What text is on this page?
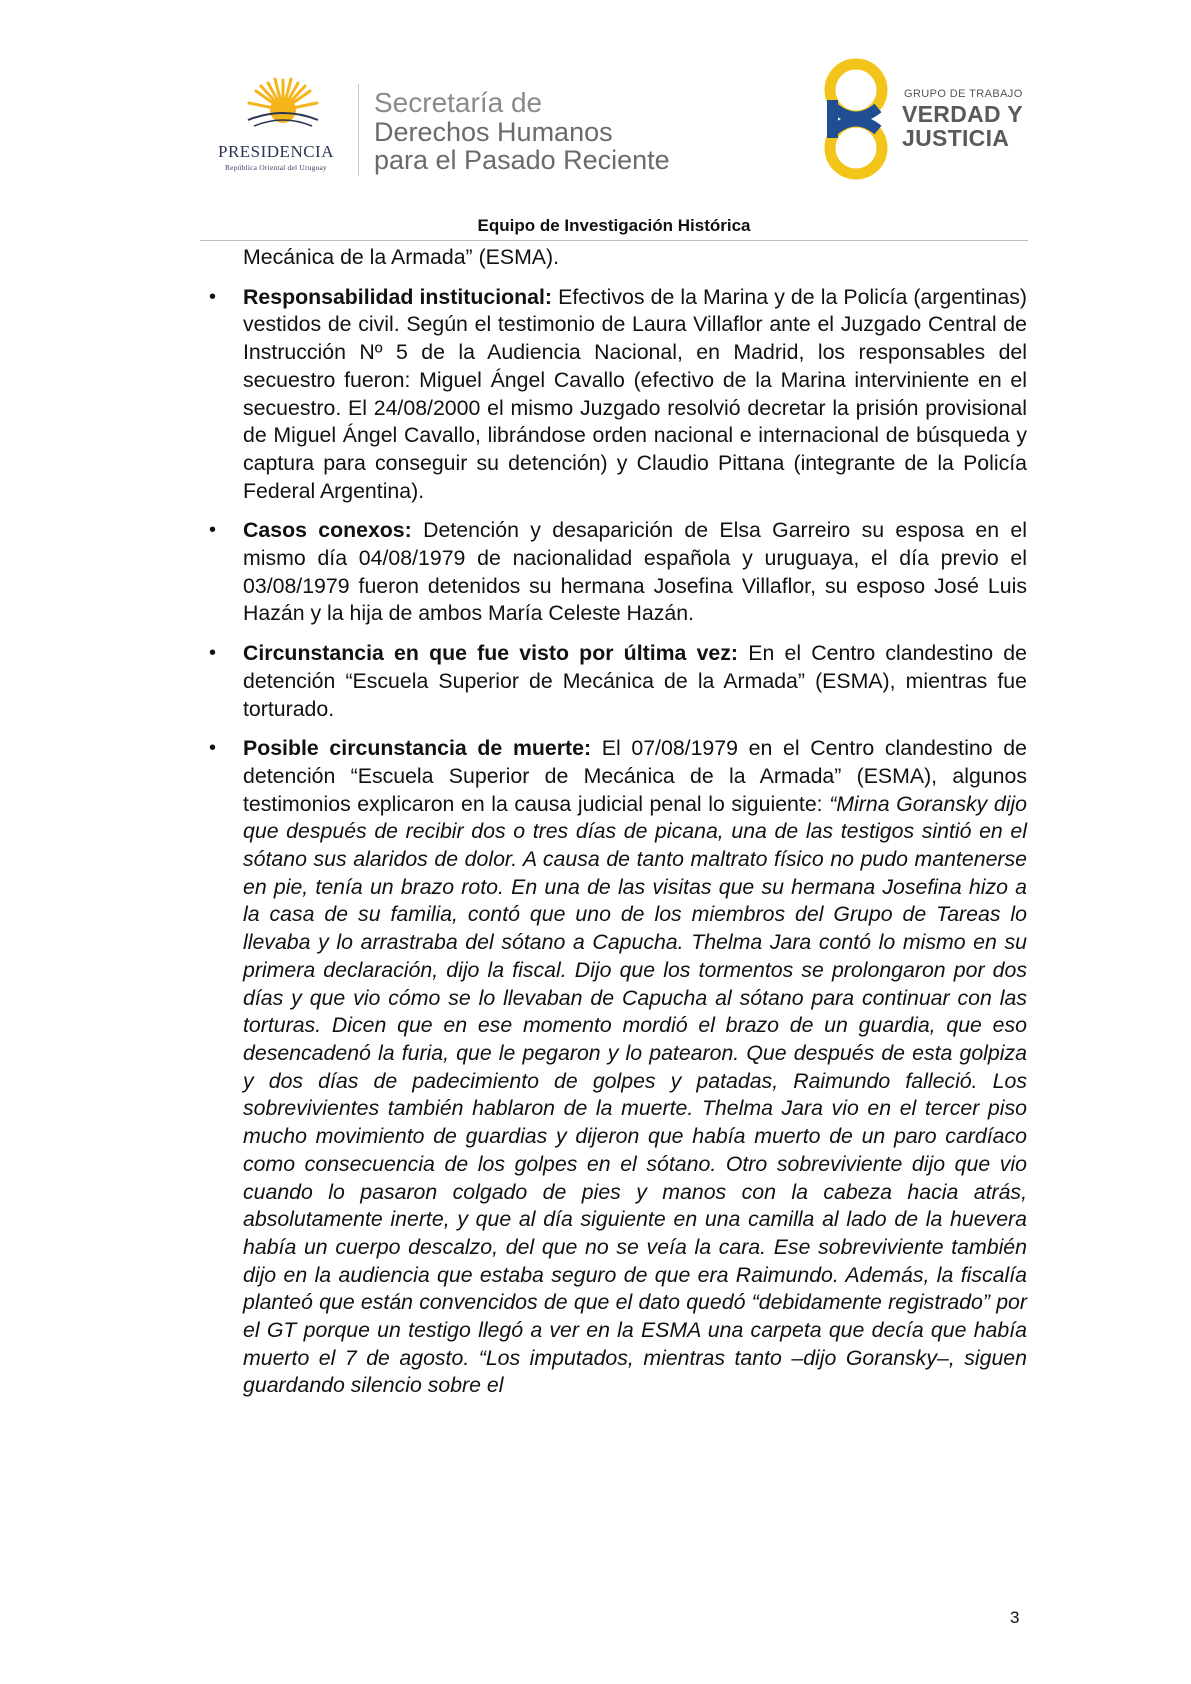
PRESIDENCIA
República Oriental del Uruguay
Secretaría de
Derechos Humanos
para el Pasado Reciente
GRUPO DE TRABAJO
VERDAD Y
JUSTICIA
Equipo de Investigación Histórica

Mecánica de la Armada” (ESMA).

• Responsabilidad institucional: Efectivos de la Marina y de la Policía (argentinas) vestidos de civil. Según el testimonio de Laura Villaflor ante el Juzgado Central de Instrucción Nº 5 de la Audiencia Nacional, en Madrid, los responsables del secuestro fueron: Miguel Ángel Cavallo (efectivo de la Marina interviniente en el secuestro. El 24/08/2000 el mismo Juzgado resolvió decretar la prisión provisional de Miguel Ángel Cavallo, librándose orden nacional e internacional de búsqueda y captura para conseguir su detención) y Claudio Pittana (integrante de la Policía Federal Argentina).

• Casos conexos: Detención y desaparición de Elsa Garreiro su esposa en el mismo día 04/08/1979 de nacionalidad española y uruguaya, el día previo el 03/08/1979 fueron detenidos su hermana Josefina Villaflor, su esposo José Luis Hazán y la hija de ambos María Celeste Hazán.

• Circunstancia en que fue visto por última vez: En el Centro clandestino de detención “Escuela Superior de Mecánica de la Armada” (ESMA), mientras fue torturado.

• Posible circunstancia de muerte: El 07/08/1979 en el Centro clandestino de detención “Escuela Superior de Mecánica de la Armada” (ESMA), algunos testimonios explicaron en la causa judicial penal lo siguiente: “Mirna Goransky dijo que después de recibir dos o tres días de picana, una de las testigos sintió en el sótano sus alaridos de dolor. A causa de tanto maltrato físico no pudo mantenerse en pie, tenía un brazo roto. En una de las visitas que su hermana Josefina hizo a la casa de su familia, contó que uno de los miembros del Grupo de Tareas lo llevaba y lo arrastraba del sótano a Capucha. Thelma Jara contó lo mismo en su primera declaración, dijo la fiscal. Dijo que los tormentos se prolongaron por dos días y que vio cómo se lo llevaban de Capucha al sótano para continuar con las torturas. Dicen que en ese momento mordió el brazo de un guardia, que eso desencadenó la furia, que le pegaron y lo patearon. Que después de esta golpiza y dos días de padecimiento de golpes y patadas, Raimundo falleció. Los sobrevivientes también hablaron de la muerte. Thelma Jara vio en el tercer piso mucho movimiento de guardias y dijeron que había muerto de un paro cardíaco como consecuencia de los golpes en el sótano. Otro sobreviviente dijo que vio cuando lo pasaron colgado de pies y manos con la cabeza hacia atrás, absolutamente inerte, y que al día siguiente en una camilla al lado de la huevera había un cuerpo descalzo, del que no se veía la cara. Ese sobreviviente también dijo en la audiencia que estaba seguro de que era Raimundo. Además, la fiscalía planteó que están convencidos de que el dato quedó “debidamente registrado” por el GT porque un testigo llegó a ver en la ESMA una carpeta que decía que había muerto el 7 de agosto. “Los imputados, mientras tanto –dijo Goransky–, siguen guardando silencio sobre el

3
